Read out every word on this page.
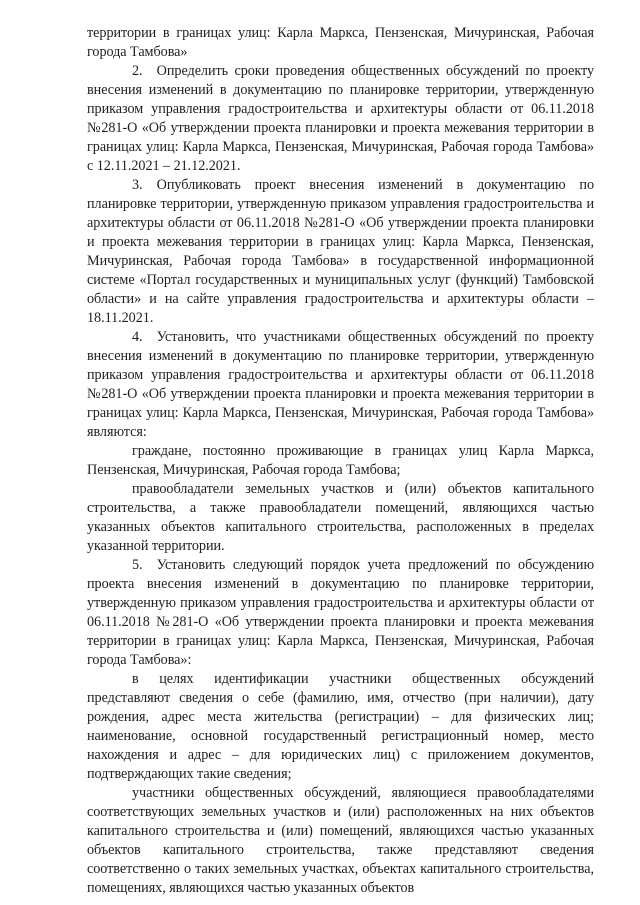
территории в границах улиц: Карла Маркса, Пензенская, Мичуринская, Рабочая города Тамбова»

2. Определить сроки проведения общественных обсуждений по проекту внесения изменений в документацию по планировке территории, утвержденную приказом управления градостроительства и архитектуры области от 06.11.2018 №281-О «Об утверждении проекта планировки и проекта межевания территории в границах улиц: Карла Маркса, Пензенская, Мичуринская, Рабочая города Тамбова» с 12.11.2021 – 21.12.2021.

3. Опубликовать проект внесения изменений в документацию по планировке территории, утвержденную приказом управления градостроительства и архитектуры области от 06.11.2018 №281-О «Об утверждении проекта планировки и проекта межевания территории в границах улиц: Карла Маркса, Пензенская, Мичуринская, Рабочая города Тамбова» в государственной информационной системе «Портал государственных и муниципальных услуг (функций) Тамбовской области» и на сайте управления градостроительства и архитектуры области – 18.11.2021.

4. Установить, что участниками общественных обсуждений по проекту внесения изменений в документацию по планировке территории, утвержденную приказом управления градостроительства и архитектуры области от 06.11.2018 №281-О «Об утверждении проекта планировки и проекта межевания территории в границах улиц: Карла Маркса, Пензенская, Мичуринская, Рабочая города Тамбова» являются:

граждане, постоянно проживающие в границах улиц Карла Маркса, Пензенская, Мичуринская, Рабочая города Тамбова;

правообладатели земельных участков и (или) объектов капитального строительства, а также правообладатели помещений, являющихся частью указанных объектов капитального строительства, расположенных в пределах указанной территории.

5. Установить следующий порядок учета предложений по обсуждению проекта внесения изменений в документацию по планировке территории, утвержденную приказом управления градостроительства и архитектуры области от 06.11.2018 №281-О «Об утверждении проекта планировки и проекта межевания территории в границах улиц: Карла Маркса, Пензенская, Мичуринская, Рабочая города Тамбова»:

в целях идентификации участники общественных обсуждений представляют сведения о себе (фамилию, имя, отчество (при наличии), дату рождения, адрес места жительства (регистрации) – для физических лиц; наименование, основной государственный регистрационный номер, место нахождения и адрес – для юридических лиц) с приложением документов, подтверждающих такие сведения;

участники общественных обсуждений, являющиеся правообладателями соответствующих земельных участков и (или) расположенных на них объектов капитального строительства и (или) помещений, являющихся частью указанных объектов капитального строительства, также представляют сведения соответственно о таких земельных участках, объектах капитального строительства, помещениях, являющихся частью указанных объектов
